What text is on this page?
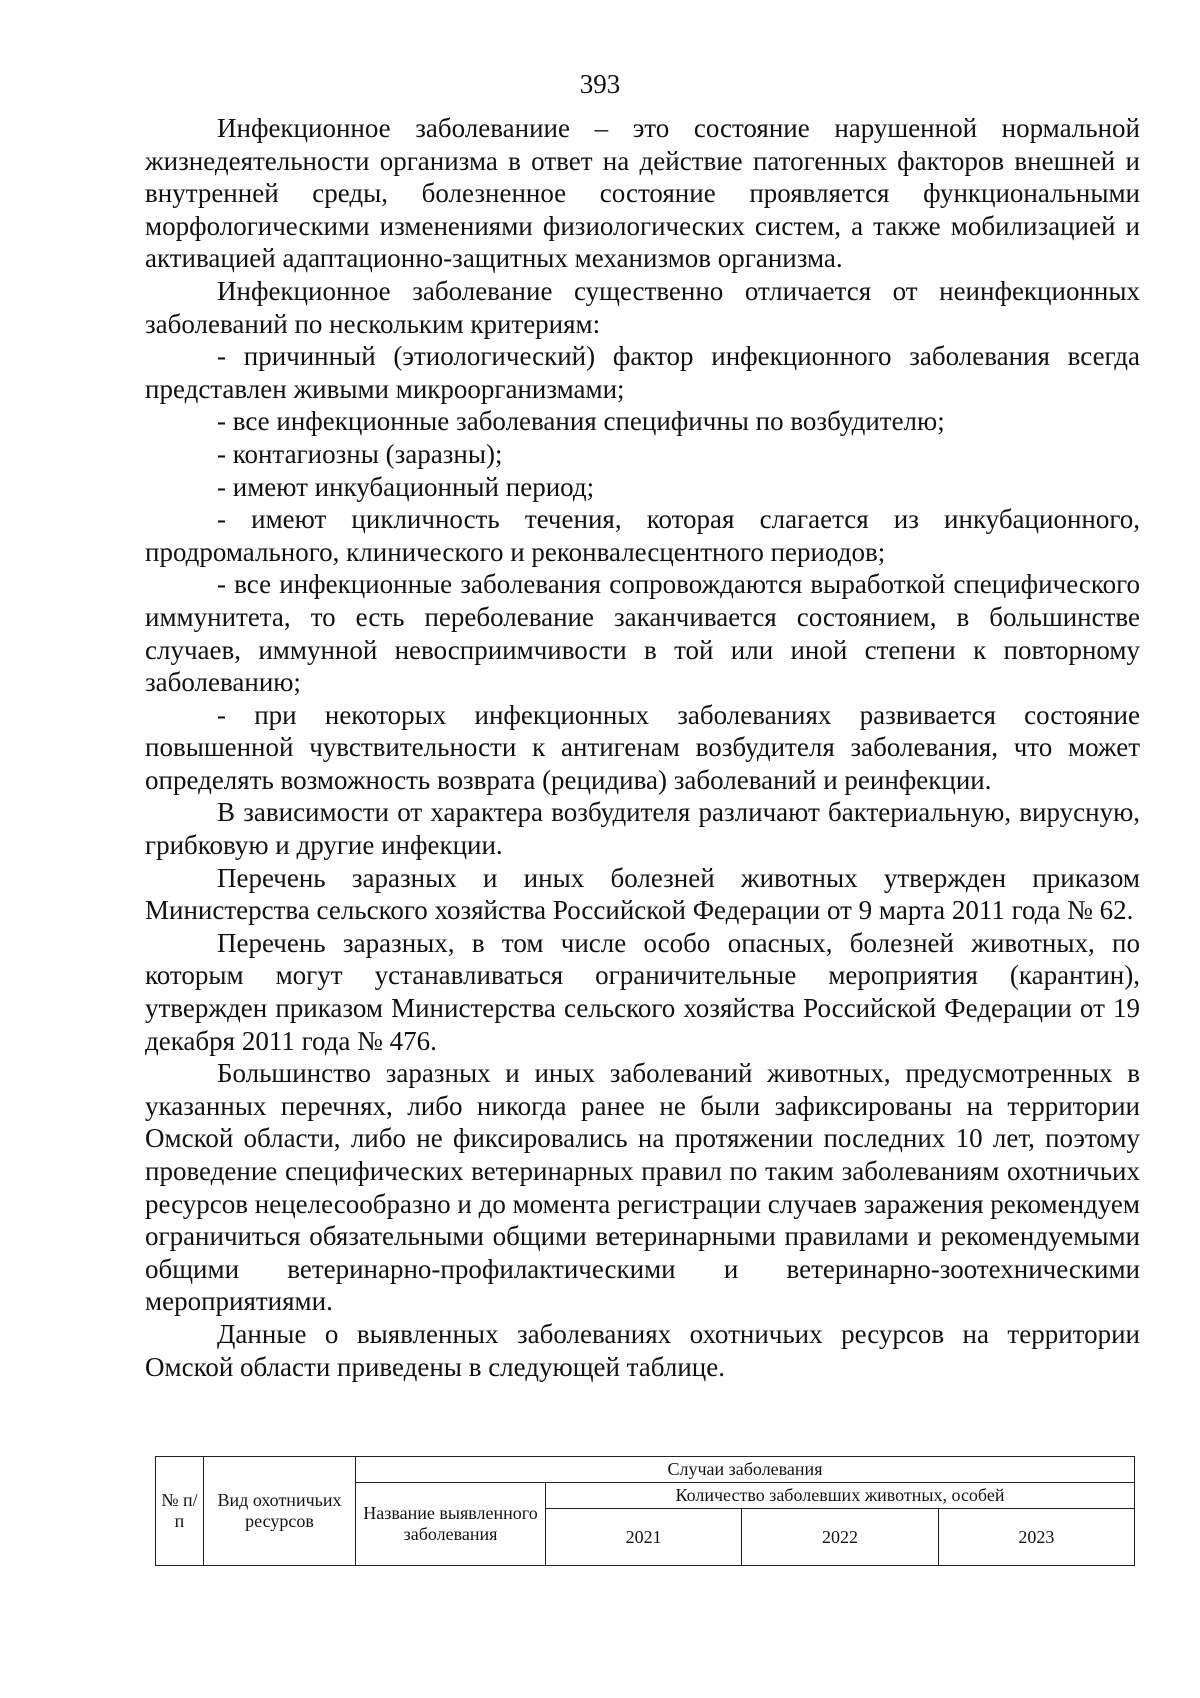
393

Инфекционное заболеваниие – это состояние нарушенной нормальной жизнедеятельности организма в ответ на действие патогенных факторов внешней и внутренней среды, болезненное состояние проявляется функциональными морфологическими изменениями физиологических систем, а также мобилизацией и активацией адаптационно-защитных механизмов организма.

Инфекционное заболевание существенно отличается от неинфекционных заболеваний по нескольким критериям:

- причинный (этиологический) фактор инфекционного заболевания всегда представлен живыми микроорганизмами;

- все инфекционные заболевания специфичны по возбудителю;

- контагиозны (заразны);

- имеют инкубационный период;

- имеют цикличность течения, которая слагается из инкубационного, продромального, клинического и реконвалесцентного периодов;

- все инфекционные заболевания сопровождаются выработкой специфического иммунитета, то есть переболевание заканчивается состоянием, в большинстве случаев, иммунной невосприимчивости в той или иной степени к повторному заболеванию;

- при некоторых инфекционных заболеваниях развивается состояние повышенной чувствительности к антигенам возбудителя заболевания, что может определять возможность возврата (рецидива) заболеваний и реинфекции.

В зависимости от характера возбудителя различают бактериальную, вирусную, грибковую и другие инфекции.

Перечень заразных и иных болезней животных утвержден приказом Министерства сельского хозяйства Российской Федерации от 9 марта 2011 года № 62.

Перечень заразных, в том числе особо опасных, болезней животных, по которым могут устанавливаться ограничительные мероприятия (карантин), утвержден приказом Министерства сельского хозяйства Российской Федерации от 19 декабря 2011 года № 476.

Большинство заразных и иных заболеваний животных, предусмотренных в указанных перечнях, либо никогда ранее не были зафиксированы на территории Омской области, либо не фиксировались на протяжении последних 10 лет, поэтому проведение специфических ветеринарных правил по таким заболеваниям охотничьих ресурсов нецелесообразно и до момента регистрации случаев заражения рекомендуем ограничиться обязательными общими ветеринарными правилами и рекомендуемыми общими ветеринарно-профилактическими и ветеринарно-зоотехническими мероприятиями.

Данные о выявленных заболеваниях охотничьих ресурсов на территории Омской области приведены в следующей таблице.

№ п/п	Вид охотничьих ресурсов	Случаи заболевания			
		Название выявленного заболевания	Количество заболевших животных, особей		
			2021	2022	2023
